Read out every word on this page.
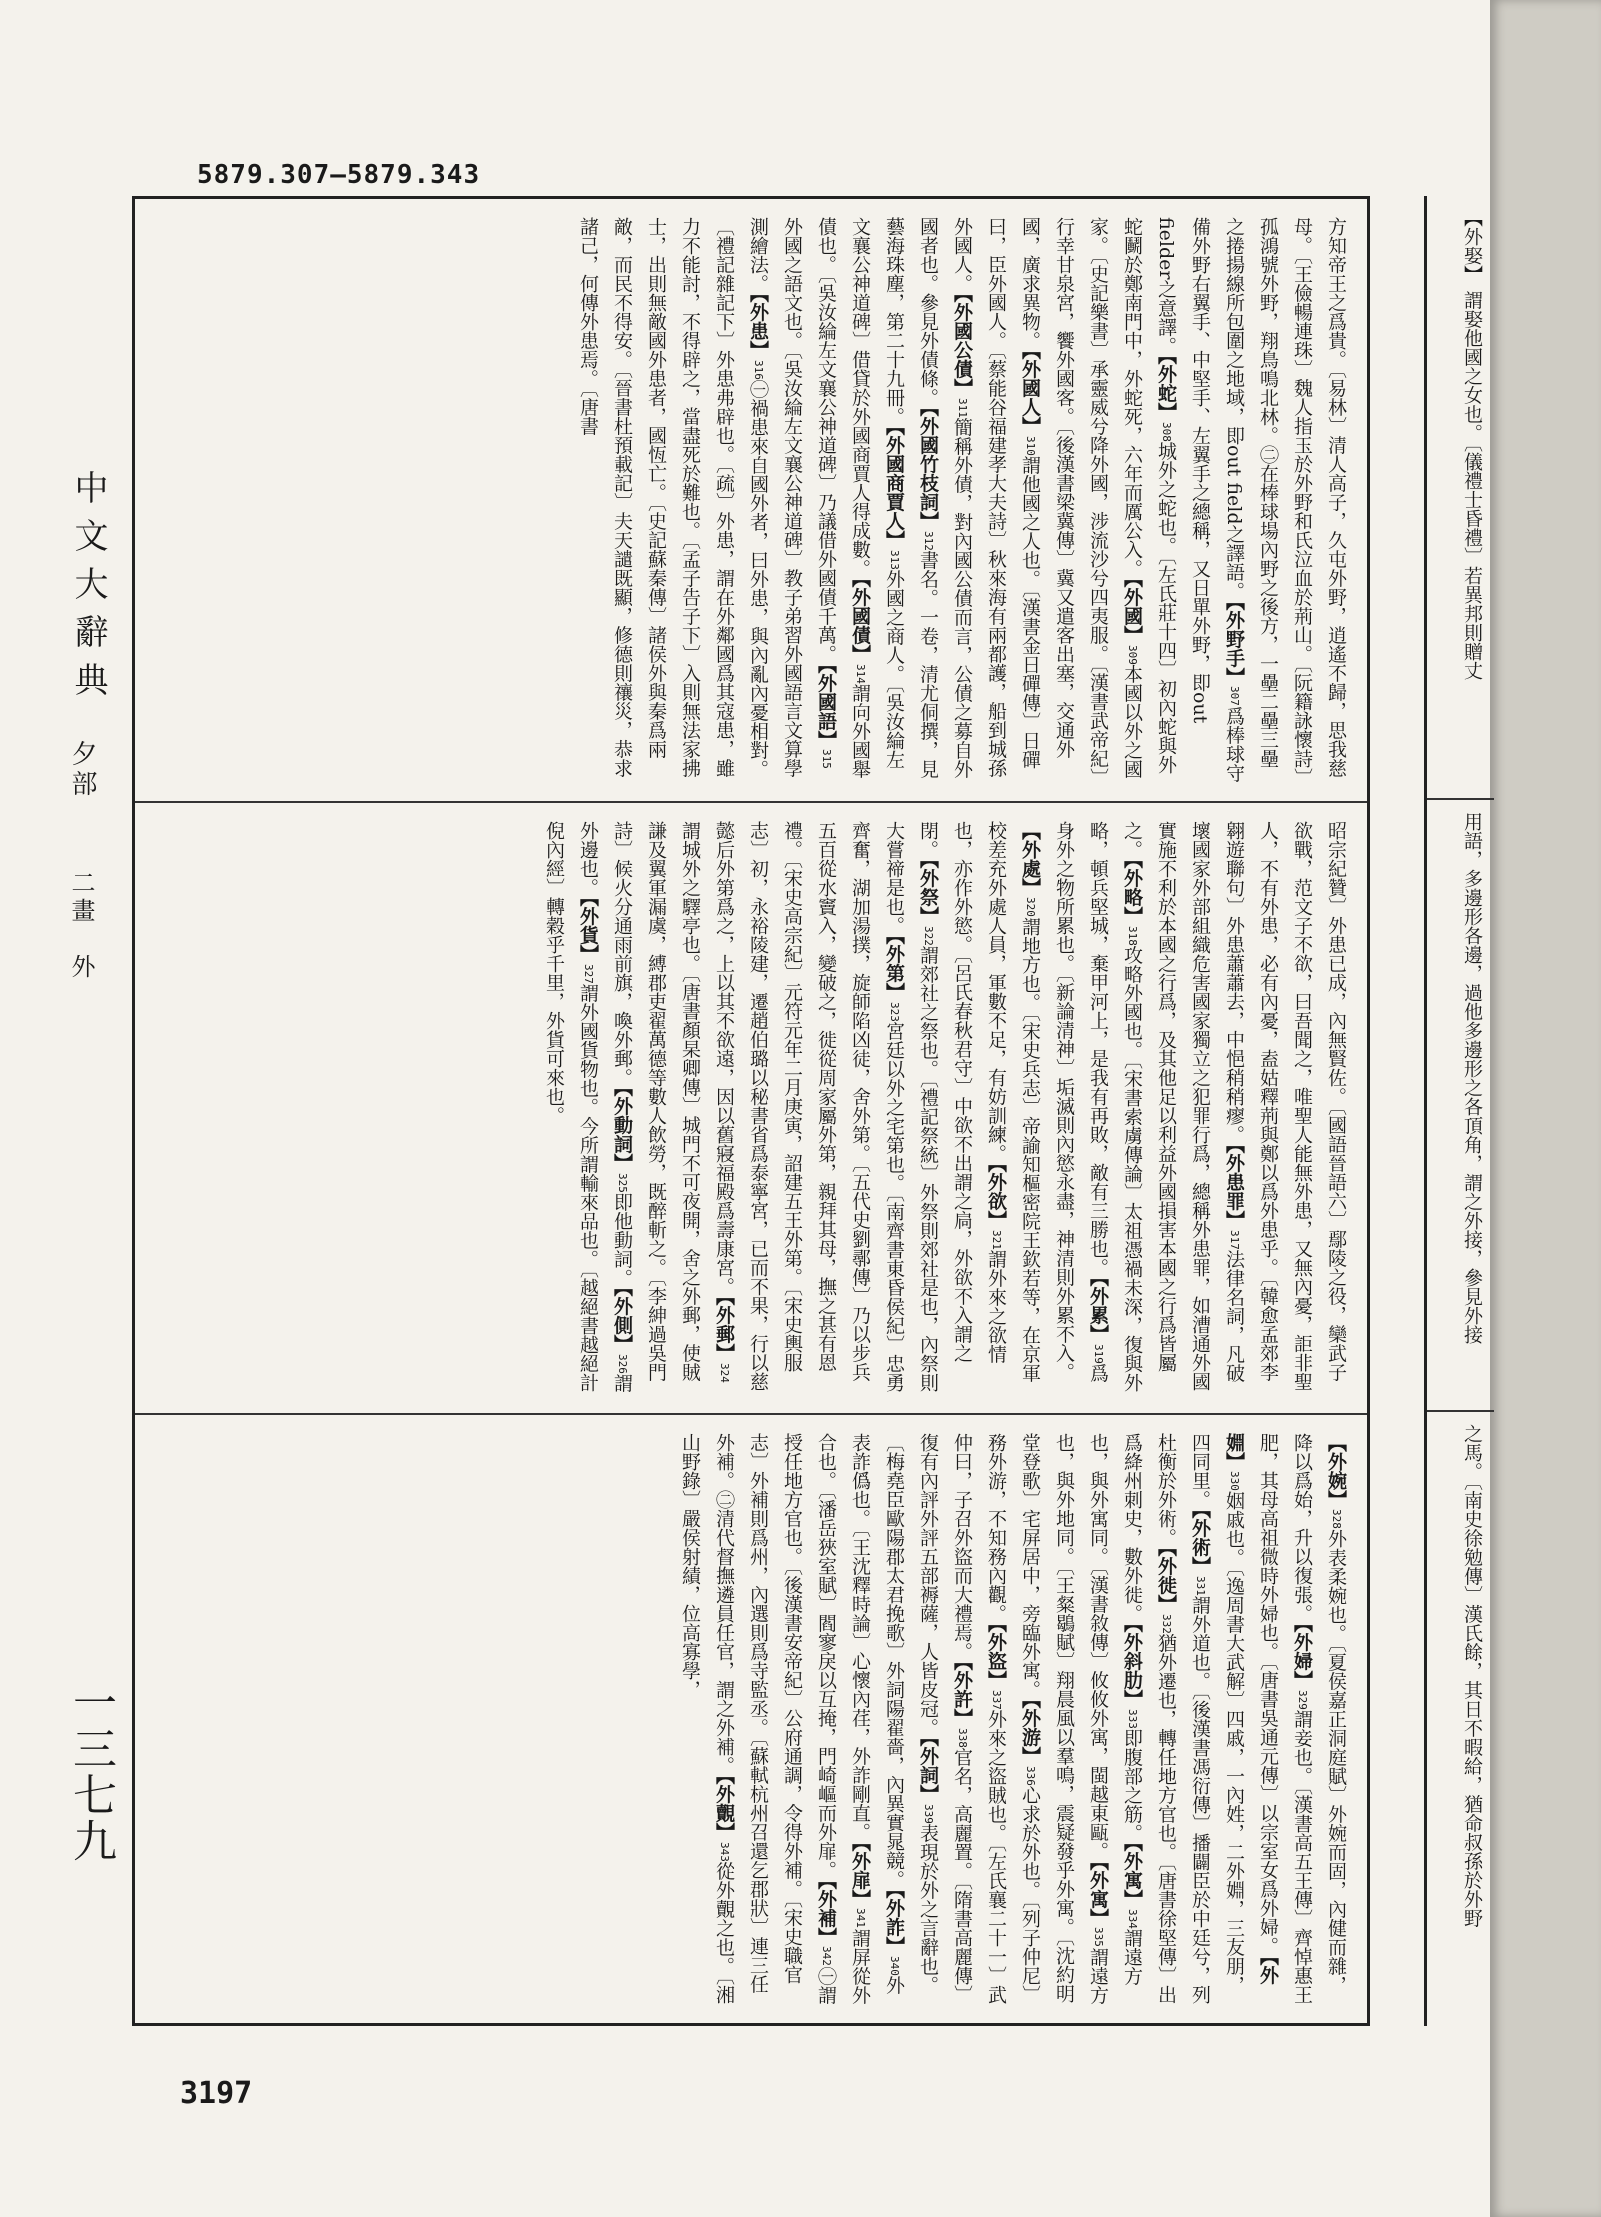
5879.307—5879.343
中文大辭典
夕部
二畫　外
一三七九
方知帝王之爲貴。〔易林〕清人高子，久屯外野，逍遙不歸，思我慈母。〔王儉暢連珠〕魏人指玉於外野和氏泣血於荊山。〔阮籍詠懷詩〕孤鴻號外野，翔鳥鳴北林。㊁在棒球場內野之後方，一壘二壘三壘之捲揚線所包圍之地域，即out field之譯語。【外野手】307爲棒球守備外野右翼手、中堅手、左翼手之總稱，又日單外野，即out fielder之意譯。【外蛇】308城外之蛇也。〔左氏莊十四〕初內蛇與外蛇鬭於鄭南門中，外蛇死，六年而厲公入。【外國】309本國以外之國家。〔史記樂書〕承靈威兮降外國，涉流沙兮四夷服。〔漢書武帝紀〕行幸甘泉宮，饗外國客。〔後漢書梁冀傳〕冀又遣客出塞，交通外國，廣求異物。【外國人】310謂他國之人也。〔漢書金日磾傳〕日磾曰，臣外國人。〔蔡能谷福建孝大夫詩〕秋來海有兩都護，船到城孫外國人。【外國公債】311簡稱外債，對內國公債而言，公債之募自外國者也。參見外債條。【外國竹枝詞】312書名。一卷，清尤侗撰，見藝海珠塵，第二十九冊。【外國商賈人】313外國之商人。〔吳汝綸左文襄公神道碑〕借貸於外國商賈人得成數。【外國債】314謂向外國舉債也。〔吳汝綸左文襄公神道碑〕乃議借外國債千萬。【外國語】315外國之語文也。〔吳汝綸左文襄公神道碑〕教子弟習外國語言文算學測繪法。【外患】316㊀禍患來自國外者，曰外患，與內亂內憂相對。〔禮記雜記下〕外患弗辟也。〔疏〕外患，謂在外鄰國爲其寇患，雖力不能討，不得辟之，當盡死於難也。〔孟子告子下〕入則無法家拂士，出則無敵國外患者，國恆亡。〔史記蘇秦傳〕諸侯外與秦爲兩敵，而民不得安。〔晉書杜預載記〕夫天譴既顯，修德則禳災，恭求諸己，何傳外患焉。〔唐書
昭宗紀贊〕外患已成，內無賢佐。〔國語晉語六〕鄢陵之役，欒武子欲戰，范文子不欲，曰吾聞之，唯聖人能無外患，又無內憂，詎非聖人，不有外患，必有內憂，盍姑釋荊與鄭以爲外患乎。〔韓愈孟郊李翱遊聯句〕外患蕭蕭去，中悒稍稍瘳。【外患罪】317法律名詞，凡破壞國家外部組織危害國家獨立之犯罪行爲，總稱外患罪，如漕通外國實施不利於本國之行爲，及其他足以利益外國損害本國之行爲皆屬之。【外略】318攻略外國也。〔宋書索虜傳論〕太祖憑禍未深，復與外略，頓兵堅城，棄甲河上，是我有再敗，敵有三勝也。【外累】319爲身外之物所累也。〔新論清神〕垢滅則內慾永盡，神清則外累不入。【外處】320謂地方也。〔宋史兵志〕帝諭知樞密院王欽若等，在京軍校差充外處人員，軍數不足，有妨訓練。【外欲】321謂外來之欲情也，亦作外慾。〔呂氏春秋君守〕中欲不出謂之扃，外欲不入謂之閉。【外祭】322謂郊社之祭也。〔禮記祭統〕外祭則郊社是也，內祭則大嘗禘是也。【外第】323宮廷以外之宅第也。〔南齊書東昏侯紀〕忠勇齊奮，湖加湯撲，旋師陷凶徒，舍外第。〔五代史劉鄩傳〕乃以步兵五百從水竇入，變破之，徙從周家屬外第，親拜其母，撫之甚有恩禮。〔宋史高宗紀〕元符元年二月庚寅，詔建五王外第。〔宋史輿服志〕初，永裕陵建，遷趙伯璐以秘書省爲泰寧宮，已而不果，行以慈懿后外第爲之，上以其不欲遠，因以舊寢福殿爲壽康宮。【外郵】324謂城外之驛亭也。〔唐書顏杲卿傳〕城門不可夜開，舍之外郵，使賊謙及翼軍漏虞，縛郡吏翟萬德等數人飲勞，既醉斬之。〔李紳過吳門詩〕候火分通雨前旗，喚外郵。【外動詞】325即他動詞。【外側】326謂外邊也。【外貨】327謂外國貨物也。今所謂輸來品也。〔越絕書越絕計倪內經〕轉穀乎千里，外貨可來也。
【外婉】328外表柔婉也。〔夏侯嘉正洞庭賦〕外婉而固，內健而雜，降以爲始，升以復張。【外婦】329謂妾也。〔漢書高五王傳〕齊悼惠王肥，其母高祖微時外婦也。〔唐書吳通元傳〕以宗室女爲外婦。【外婣】330姻戚也。〔逸周書大武解〕四戚，一內姓，二外婣，三友朋，四同里。【外術】331謂外道也。〔後漢書馮衍傳〕播闢臣於中廷兮，列杜衡於外術。【外徙】332猶外遷也，轉任地方官也。〔唐書徐堅傳〕出爲絳州刺史，數外徙。【外斜肋】333即腹部之筋。【外寓】334謂遠方也，與外寓同。〔漢書敘傳〕攸攸外寓，閩越東甌。【外寓】335謂遠方也，與外地同。〔王粲鶡賦〕翔晨風以羣鳴，震疑發乎外寓。〔沈約明堂登歌〕宅屏居中，旁臨外寓。【外游】336心求於外也。〔列子仲尼〕務外游，不知務內觀。【外盜】337外來之盜賊也。〔左氏襄二十一〕武仲曰，子召外盜而大禮焉。【外許】338官名，高麗置。〔隋書高麗傳〕復有內評外評五部褥薩，人皆皮冠。【外詞】339表現於外之言辭也。〔梅堯臣歐陽郡太君挽歌〕外詞陽翟嗇，內異實晁競。【外詐】340外表詐僞也。〔王沈釋時論〕心懷內荏，外詐剛直。【外扉】341謂屏從外合也。〔潘岳狹室賦〕閻寥戾以互掩，門崎嶇而外扉。【外補】342㊀謂授任地方官也。〔後漢書安帝紀〕公府通調，令得外補。〔宋史職官志〕外補則爲州，內選則爲寺監丞。〔蘇軾杭州召還乞郡狀〕連三任外補。㊁清代督撫遴員任官，謂之外補。【外覿】343從外覿之也。〔湘山野錄〕嚴侯射績，位高寡學，
【外娶】 謂娶他國之女也。〔儀禮士昏禮〕若異邦則贈丈
用語，多邊形各邊，過他多邊形之各頂角，謂之外接，參見外接
之馬。〔南史徐勉傳〕漢氏餘，其日不暇給，猶命叔孫於外野
3197
